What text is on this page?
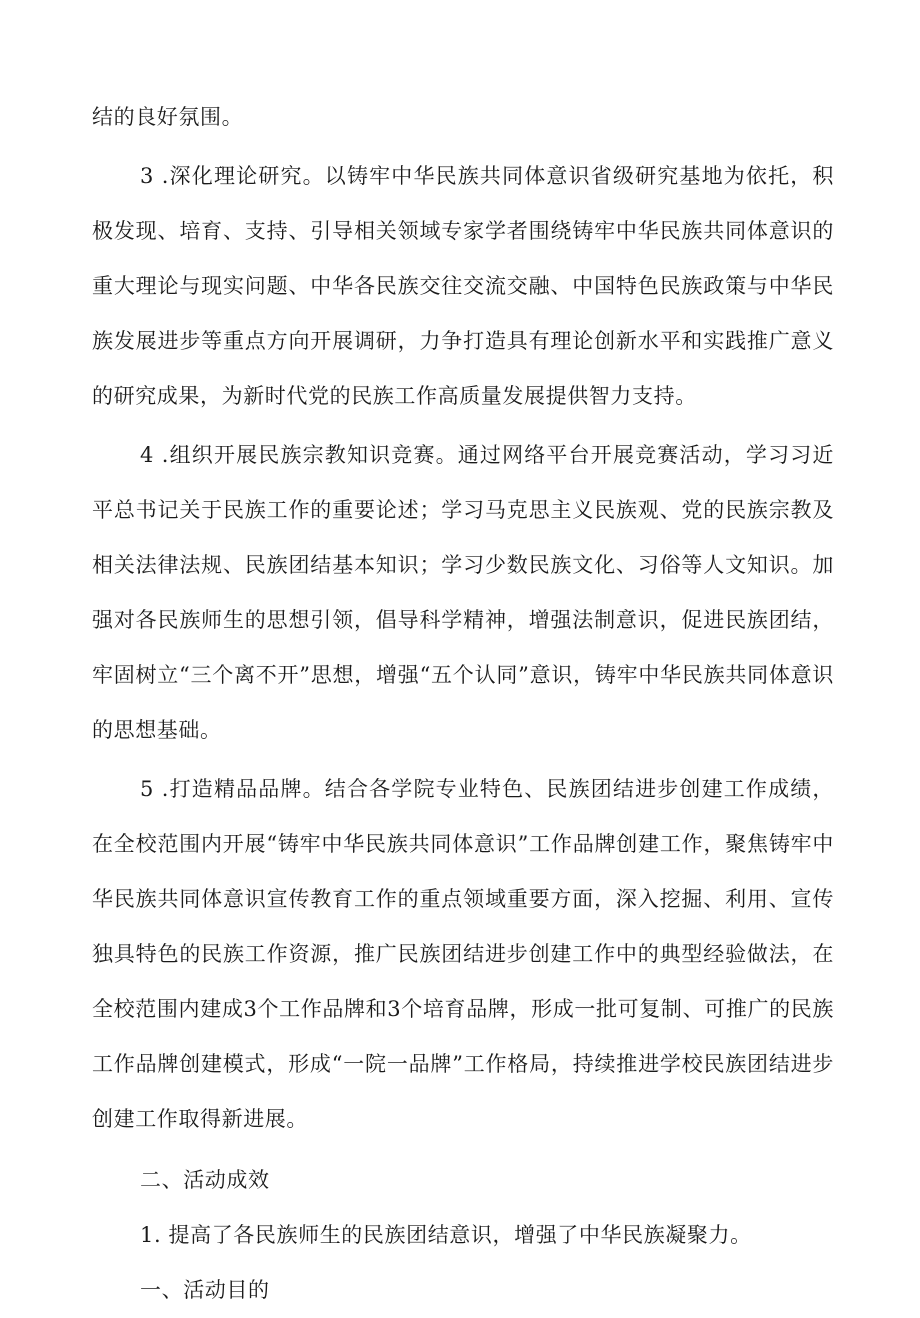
结的良好氛围。

3 .深化理论研究。以铸牢中华民族共同体意识省级研究基地为依托，积极发现、培育、支持、引导相关领域专家学者围绕铸牢中华民族共同体意识的重大理论与现实问题、中华各民族交往交流交融、中国特色民族政策与中华民族发展进步等重点方向开展调研，力争打造具有理论创新水平和实践推广意义的研究成果，为新时代党的民族工作高质量发展提供智力支持。

4 .组织开展民族宗教知识竞赛。通过网络平台开展竞赛活动，学习习近平总书记关于民族工作的重要论述；学习马克思主义民族观、党的民族宗教及相关法律法规、民族团结基本知识；学习少数民族文化、习俗等人文知识。加强对各民族师生的思想引领，倡导科学精神，增强法制意识，促进民族团结，牢固树立“三个离不开”思想，增强“五个认同”意识，铸牢中华民族共同体意识的思想基础。

5 .打造精品品牌。结合各学院专业特色、民族团结进步创建工作成绩，在全校范围内开展“铸牢中华民族共同体意识”工作品牌创建工作，聚焦铸牢中华民族共同体意识宣传教育工作的重点领域重要方面，深入挖掘、利用、宣传独具特色的民族工作资源，推广民族团结进步创建工作中的典型经验做法，在全校范围内建成3个工作品牌和3个培育品牌，形成一批可复制、可推广的民族工作品牌创建模式，形成“一院一品牌”工作格局，持续推进学校民族团结进步创建工作取得新进展。

二、活动成效

1. 提高了各民族师生的民族团结意识，增强了中华民族凝聚力。

一、活动目的
